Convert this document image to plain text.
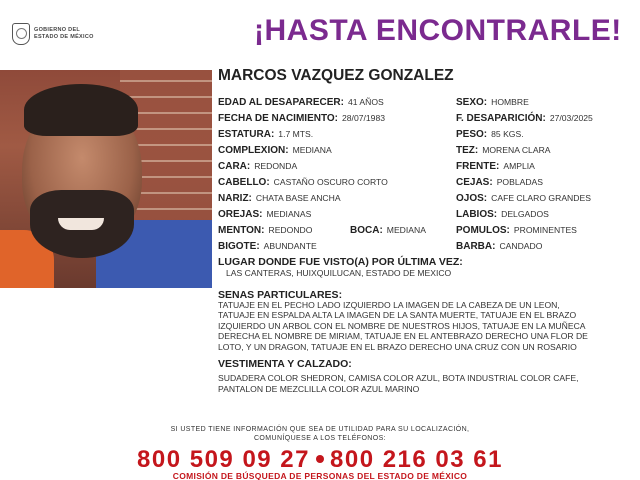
GOBIERNO DEL
ESTADO DE MÉXICO	¡HASTA ENCONTRARLE!
MARCOS VAZQUEZ GONZALEZ
EDAD AL DESAPARECER: 41 AÑOS
FECHA DE NACIMIENTO: 28/07/1983
ESTATURA: 1.7 MTS.
COMPLEXION: MEDIANA
CARA: REDONDA
CABELLO: CASTAÑO OSCURO CORTO
NARIZ: CHATA BASE ANCHA
OREJAS: MEDIANAS
MENTON: REDONDO	BOCA: MEDIANA
BIGOTE: ABUNDANTE
SEXO: HOMBRE
F. DESAPARICIÓN: 27/03/2025
PESO: 85 KGS.
TEZ: MORENA CLARA
FRENTE: AMPLIA
CEJAS: POBLADAS
OJOS: CAFE CLARO GRANDES
LABIOS: DELGADOS
POMULOS: PROMINENTES
BARBA: CANDADO
LUGAR DONDE FUE VISTO(A) POR ÚLTIMA VEZ:
LAS CANTERAS, HUIXQUILUCAN, ESTADO DE MEXICO
SENAS PARTICULARES:
TATUAJE EN EL PECHO LADO IZQUIERDO LA IMAGEN DE LA CABEZA DE UN LEON,
TATUAJE EN ESPALDA ALTA LA IMAGEN DE LA SANTA MUERTE, TATUAJE EN EL BRAZO
IZQUIERDO UN ARBOL CON EL NOMBRE DE NUESTROS HIJOS, TATUAJE EN LA MUÑECA
DERECHA EL NOMBRE DE MIRIAM, TATUAJE EN EL ANTEBRAZO DERECHO UNA FLOR DE
LOTO, Y UN DRAGON, TATUAJE EN EL BRAZO DERECHO UNA CRUZ CON UN ROSARIO
VESTIMENTA Y CALZADO:
SUDADERA COLOR SHEDRON, CAMISA COLOR AZUL, BOTA INDUSTRIAL COLOR CAFE,
PANTALON DE MEZCLILLA COLOR AZUL MARINO
SI USTED TIENE INFORMACIÓN QUE SEA DE UTILIDAD PARA SU LOCALIZACIÓN,
COMUNÍQUESE A LOS TELÉFONOS:
800 509 09 27 800 216 03 61
COMISIÓN DE BÚSQUEDA DE PERSONAS DEL ESTADO DE MÉXICO
